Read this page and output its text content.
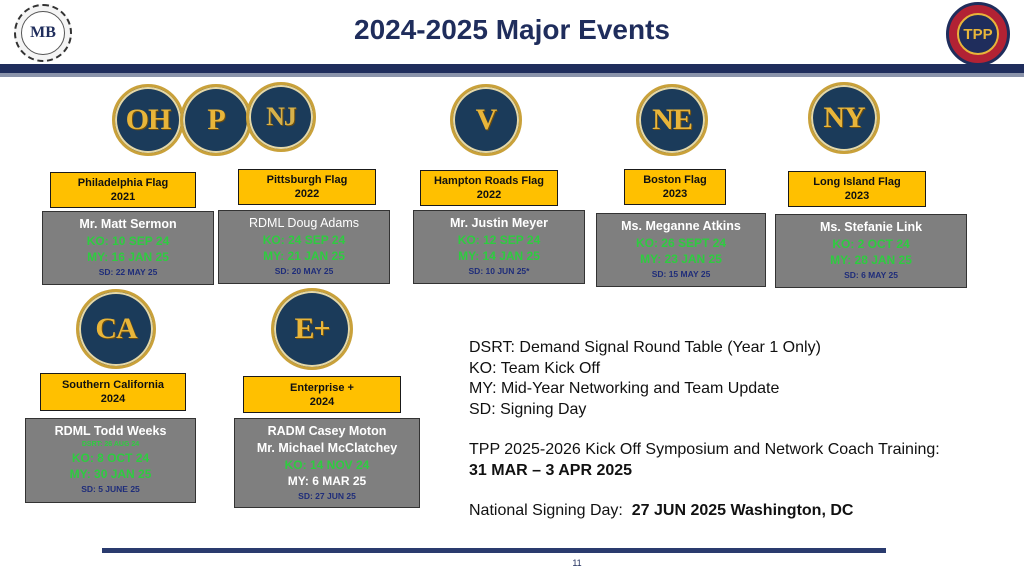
MB	2024-2025 Major Events	TPP
OH P NJ	V	NE	NY
Philadelphia Flag
2021
Pittsburgh Flag
2022
Hampton Roads Flag
2022
Boston Flag
2023
Long Island Flag
2023
Mr. Matt Sermon
KO: 10 SEP 24
MY: 16 JAN 25
SD: 22 MAY 25
RDML Doug Adams
KO: 24 SEP 24
MY: 21 JAN 25
SD: 20 MAY 25
Mr. Justin Meyer
KO: 12 SEP 24
MY: 14 JAN 25
SD: 10 JUN 25*
Ms. Meganne Atkins
KO: 26 SEPT 24
MY: 23 JAN 25
SD: 15 MAY 25
Ms. Stefanie Link
KO: 2 OCT 24
MY: 28 JAN 25
SD: 6 MAY 25
CA	E+
Southern California
2024
Enterprise +
2024
RDML Todd Weeks
DSRT: 26 AUG 24
KO: 8 OCT 24
MY: 30 JAN 25
SD: 5 JUNE 25
RADM Casey Moton
Mr. Michael McClatchey
KO: 14 NOV 24
MY: 6 MAR 25
SD: 27 JUN 25
DSRT: Demand Signal Round Table (Year 1 Only)
KO: Team Kick Off
MY: Mid-Year Networking and Team Update
SD: Signing Day
TPP 2025-2026 Kick Off Symposium and Network Coach Training:
31 MAR – 3 APR 2025
National Signing Day:  27 JUN 2025 Washington, DC
11
